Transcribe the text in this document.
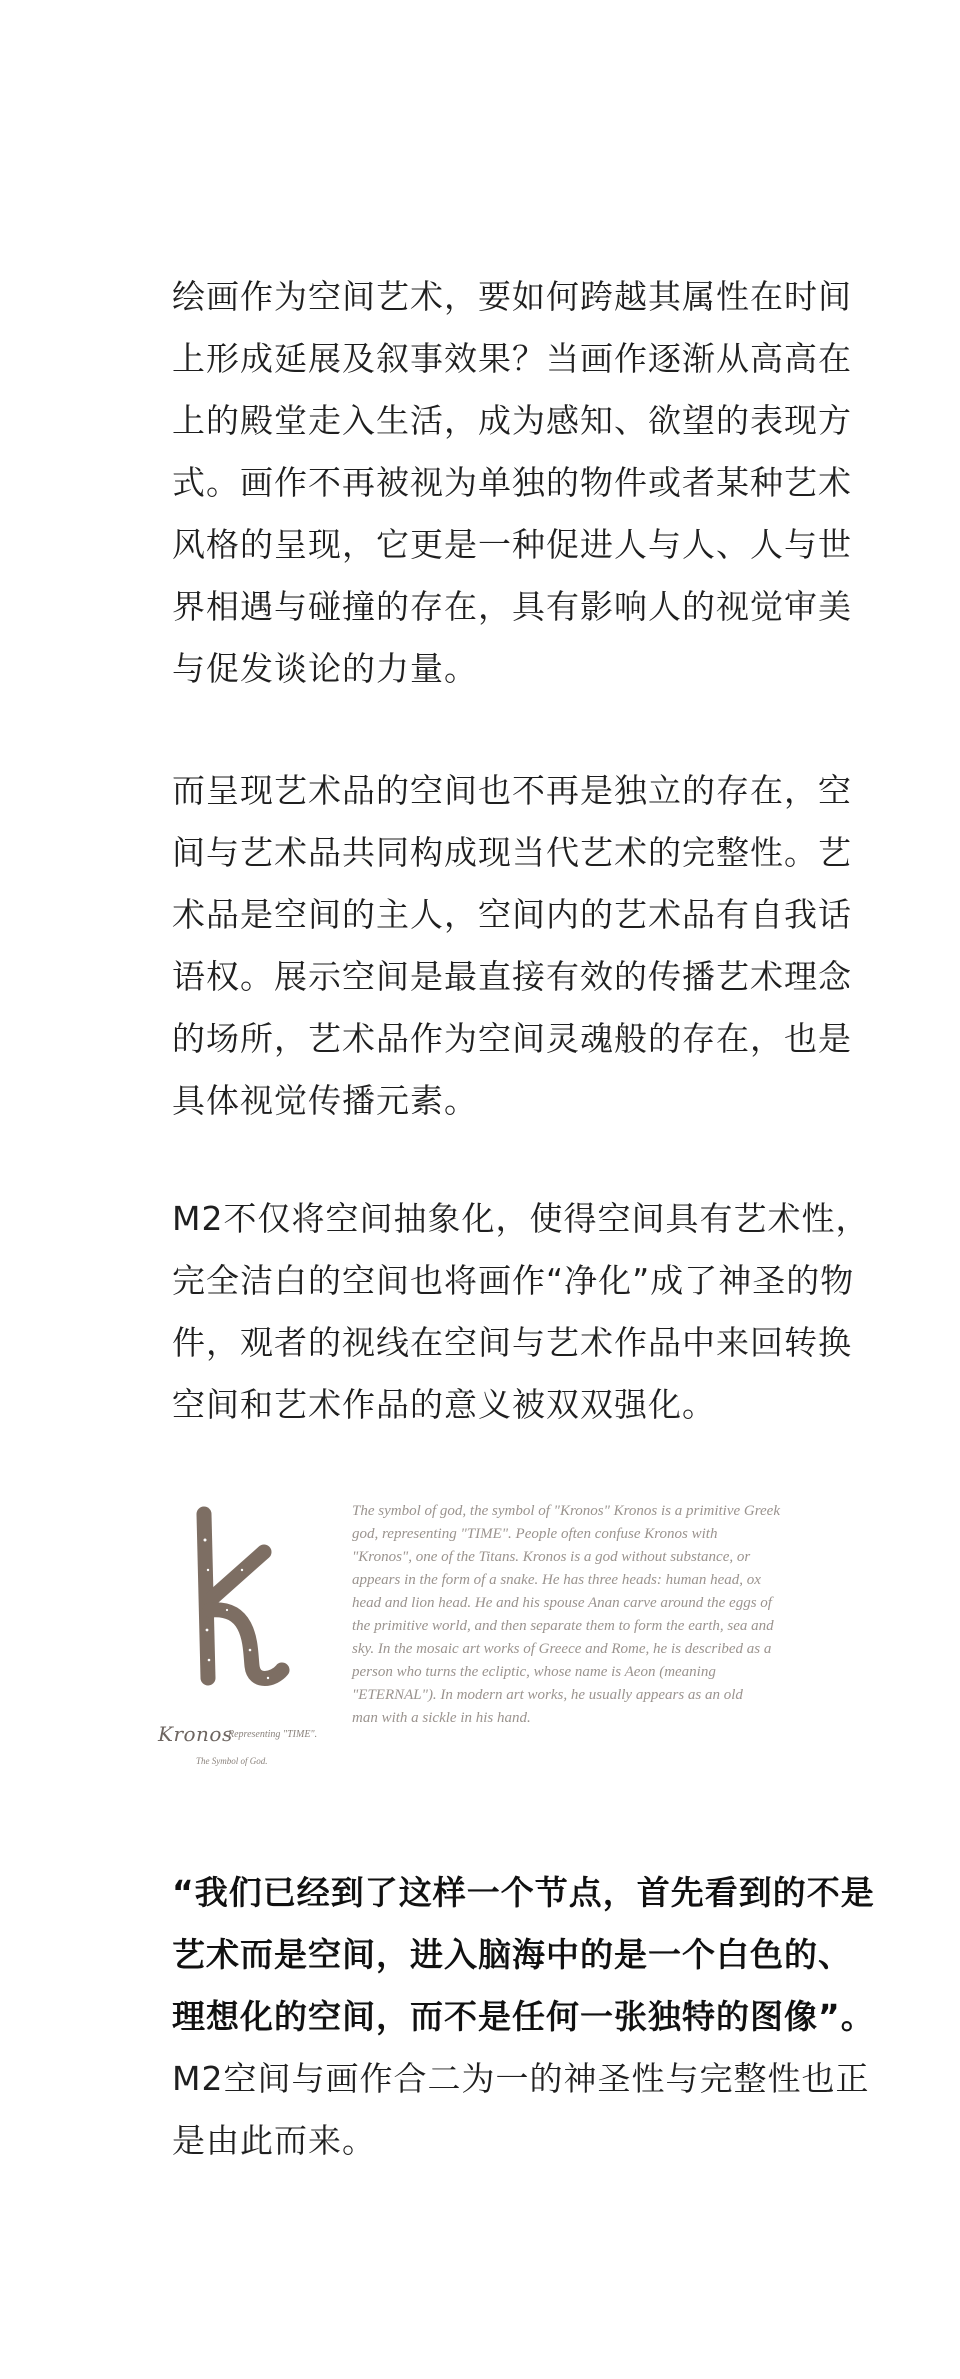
绘画作为空间艺术，要如何跨越其属性在时间
上形成延展及叙事效果？当画作逐渐从高高在
上的殿堂走入生活，成为感知、欲望的表现方
式。画作不再被视为单独的物件或者某种艺术
风格的呈现，它更是一种促进人与人、人与世
界相遇与碰撞的存在，具有影响人的视觉审美
与促发谈论的力量。
而呈现艺术品的空间也不再是独立的存在，空
间与艺术品共同构成现当代艺术的完整性。艺
术品是空间的主人，空间内的艺术品有自我话
语权。展示空间是最直接有效的传播艺术理念
的场所，艺术品作为空间灵魂般的存在，也是
具体视觉传播元素。
M2不仅将空间抽象化，使得空间具有艺术性，
完全洁白的空间也将画作“净化”成了神圣的物
件，观者的视线在空间与艺术作品中来回转换
空间和艺术作品的意义被双双强化。
Kronos
Representing "TIME".
The Symbol of God.
The symbol of god, the symbol of "Kronos" Kronos is a primitive Greek
god, representing "TIME". People often confuse Kronos with
"Kronos", one of the Titans. Kronos is a god without substance, or
appears in the form of a snake. He has three heads: human head, ox
head and lion head. He and his spouse Anan carve around the eggs of
the primitive world, and then separate them to form the earth, sea and
sky. In the mosaic art works of Greece and Rome, he is described as a
person who turns the ecliptic, whose name is Aeon (meaning
"ETERNAL"). In modern art works, he usually appears as an old
man with a sickle in his hand.
“我们已经到了这样一个节点，首先看到的不是
艺术而是空间，进入脑海中的是一个白色的、
理想化的空间，而不是任何一张独特的图像”。
M2空间与画作合二为一的神圣性与完整性也正
是由此而来。
